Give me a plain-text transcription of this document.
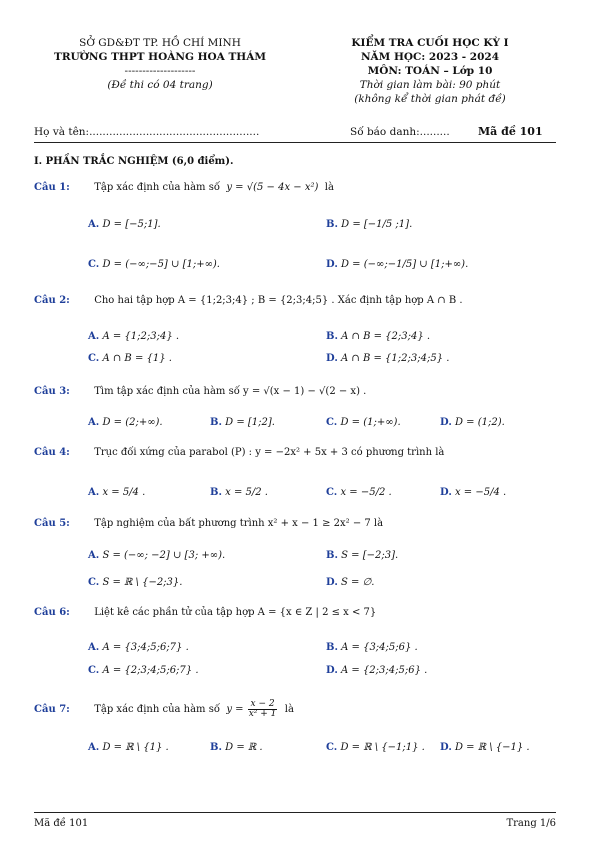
SỞ GD&ĐT TP. HỒ CHÍ MINH
TRƯỜNG THPT HOÀNG HOA THÁM
--------------------
(Đề thi có 04 trang)
KIỂM TRA CUỐI HỌC KỲ I
NĂM HỌC: 2023 - 2024
MÔN: TOÁN – Lớp 10
Thời gian làm bài: 90 phút
(không kể thời gian phát đề)
Họ và tên:...................................................	Số báo danh:.........	Mã đề 101
I. PHẦN TRẮC NGHIỆM (6,0 điểm).
Câu 1: Tập xác định của hàm số  y = √(5 − 4x − x²)  là
A. D = [−5;1].	B. D = [−1/5 ;1].
C. D = (−∞;−5] ∪ [1;+∞).	D. D = (−∞;−1/5] ∪ [1;+∞).
Câu 2: Cho hai tập hợp A = {1;2;3;4} ; B = {2;3;4;5} . Xác định tập hợp A ∩ B .
A. A = {1;2;3;4} .	B. A ∩ B = {2;3;4} .
C. A ∩ B = {1} .	D. A ∩ B = {1;2;3;4;5} .
Câu 3: Tìm tập xác định của hàm số y = √(x − 1) − √(2 − x) .
A. D = (2;+∞).	B. D = [1;2].	C. D = (1;+∞).	D. D = (1;2).
Câu 4: Trục đối xứng của parabol (P) : y = −2x² + 5x + 3 có phương trình là
A. x = 5/4 .	B. x = 5/2 .	C. x = −5/2 .	D. x = −5/4 .
Câu 5: Tập nghiệm của bất phương trình x² + x − 1 ≥ 2x² − 7 là
A. S = (−∞; −2] ∪ [3; +∞).	B. S = [−2;3].
C. S = ℝ \ {−2;3}.	D. S = ∅.
Câu 6: Liệt kê các phần tử của tập hợp A = {x ∈ Z | 2 ≤ x < 7}
A. A = {3;4;5;6;7} .	B. A = {3;4;5;6} .
C. A = {2;3;4;5;6;7} .	D. A = {2;3;4;5;6} .
Câu 7: Tập xác định của hàm số  $y = \frac{x - 2}{\text{x² + 1}}$ là
A. D = ℝ \ {1} .	B. D = ℝ .	C. D = ℝ \ {−1;1} . D. D = ℝ \ {−1} .
Mã đề 101	Trang 1/6
